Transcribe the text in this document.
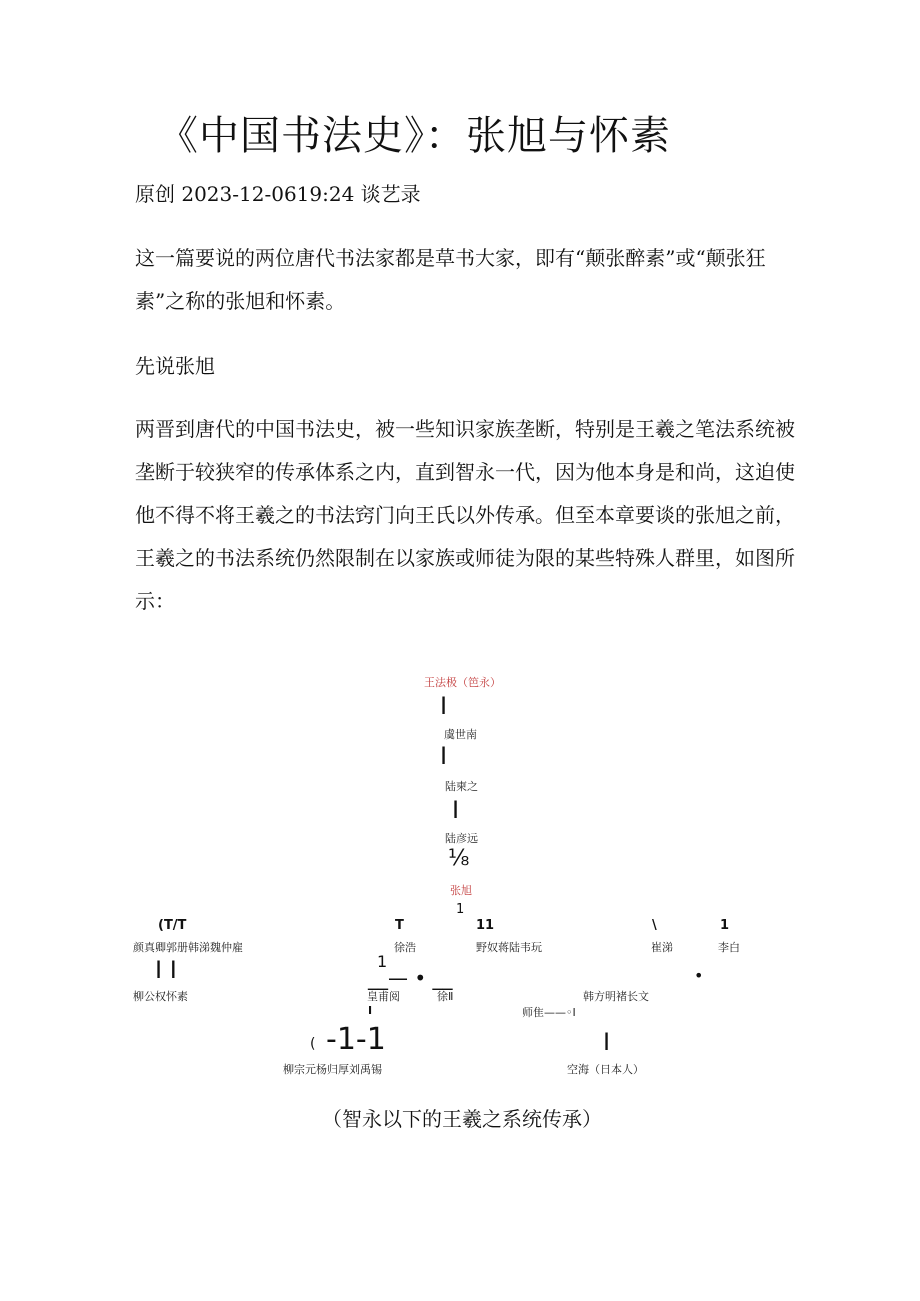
《中国书法史》：张旭与怀素
原创 2023-12-0619:24 谈艺录

这一篇要说的两位唐代书法家都是草书大家，即有“颠张醉素”或“颠张狂素”之称的张旭和怀素。

先说张旭

两晋到唐代的中国书法史，被一些知识家族垄断，特别是王羲之笔法系统被垄断于较狭窄的传承体系之内，直到智永一代，因为他本身是和尚，这迫使他不得不将王羲之的书法窍门向王氏以外传承。但至本章要谈的张旭之前，王羲之的书法系统仍然限制在以家族或师徒为限的某些特殊人群里，如图所示：

王法极（笆永）
I
虞世南
I
陆柬之
I
陆彦远
⅛
张旭
1
(T/T	T	11	\	1
颜真卿郭册韩涕魏仲雇	徐浩	野奴蒋陆韦玩	崔涕	李白
I I	1
__— • __	•
柳公权怀素	皇甫阅	徐Ⅱ	韩方明褚长文
I	师隹——◦Ⅰ
( -1-1	I
柳宗元杨归厚刘禹锡	空海（日本人）
（智永以下的王羲之系统传承）
